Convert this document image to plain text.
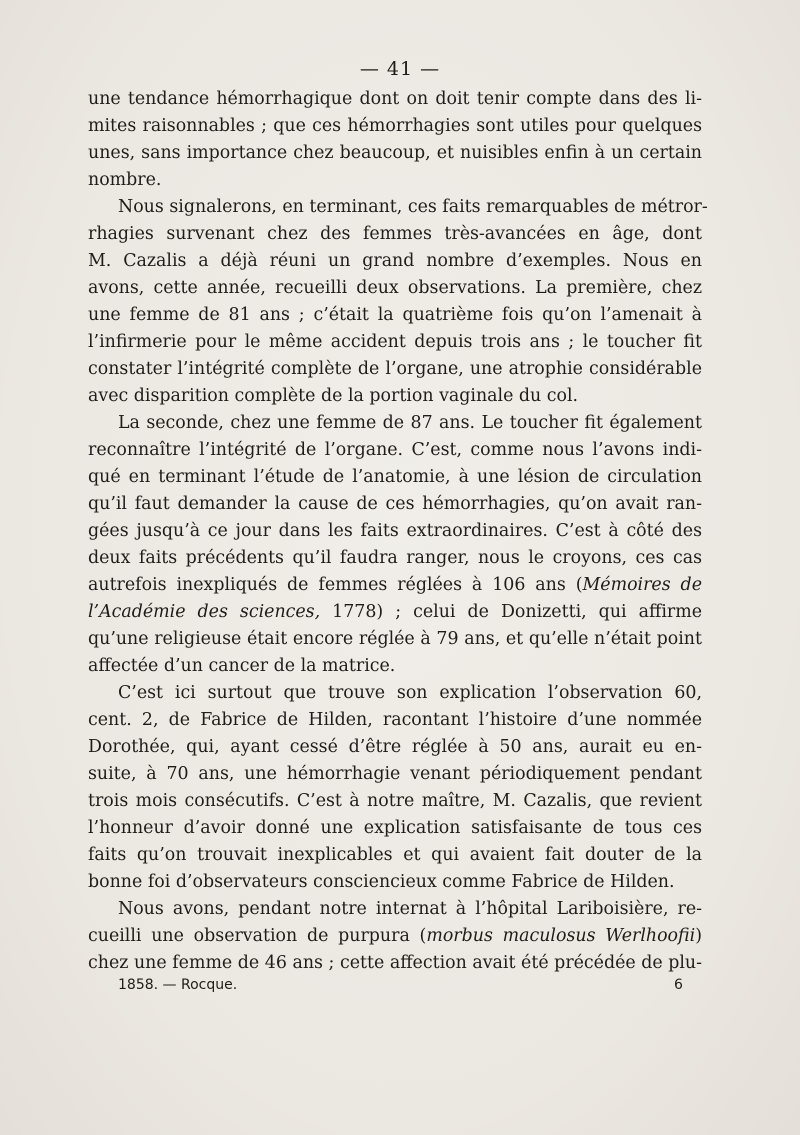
— 41 —
une tendance hémorrhagique dont on doit tenir compte dans des li-
mites raisonnables ; que ces hémorrhagies sont utiles pour quelques
unes, sans importance chez beaucoup, et nuisibles enfin à un certain
nombre.
Nous signalerons, en terminant, ces faits remarquables de métror-
rhagies survenant chez des femmes très-avancées en âge, dont
M. Cazalis a déjà réuni un grand nombre d’exemples. Nous en
avons, cette année, recueilli deux observations. La première, chez
une femme de 81 ans ; c’était la quatrième fois qu’on l’amenait à
l’infirmerie pour le même accident depuis trois ans ; le toucher fit
constater l’intégrité complète de l’organe, une atrophie considérable
avec disparition complète de la portion vaginale du col.
La seconde, chez une femme de 87 ans. Le toucher fit également
reconnaître l’intégrité de l’organe. C’est, comme nous l’avons indi-
qué en terminant l’étude de l’anatomie, à une lésion de circulation
qu’il faut demander la cause de ces hémorrhagies, qu’on avait ran-
gées jusqu’à ce jour dans les faits extraordinaires. C’est à côté des
deux faits précédents qu’il faudra ranger, nous le croyons, ces cas
autrefois inexpliqués de femmes réglées à 106 ans (Mémoires de
l’Académie des sciences, 1778) ; celui de Donizetti, qui affirme
qu’une religieuse était encore réglée à 79 ans, et qu’elle n’était point
affectée d’un cancer de la matrice.
C’est ici surtout que trouve son explication l’observation 60,
cent. 2, de Fabrice de Hilden, racontant l’histoire d’une nommée
Dorothée, qui, ayant cessé d’être réglée à 50 ans, aurait eu en-
suite, à 70 ans, une hémorrhagie venant périodiquement pendant
trois mois consécutifs. C’est à notre maître, M. Cazalis, que revient
l’honneur d’avoir donné une explication satisfaisante de tous ces
faits qu’on trouvait inexplicables et qui avaient fait douter de la
bonne foi d’observateurs consciencieux comme Fabrice de Hilden.
Nous avons, pendant notre internat à l’hôpital Lariboisière, re-
cueilli une observation de purpura (morbus maculosus Werlhoofii)
chez une femme de 46 ans ; cette affection avait été précédée de plu-
1858. — Rocque.	6
